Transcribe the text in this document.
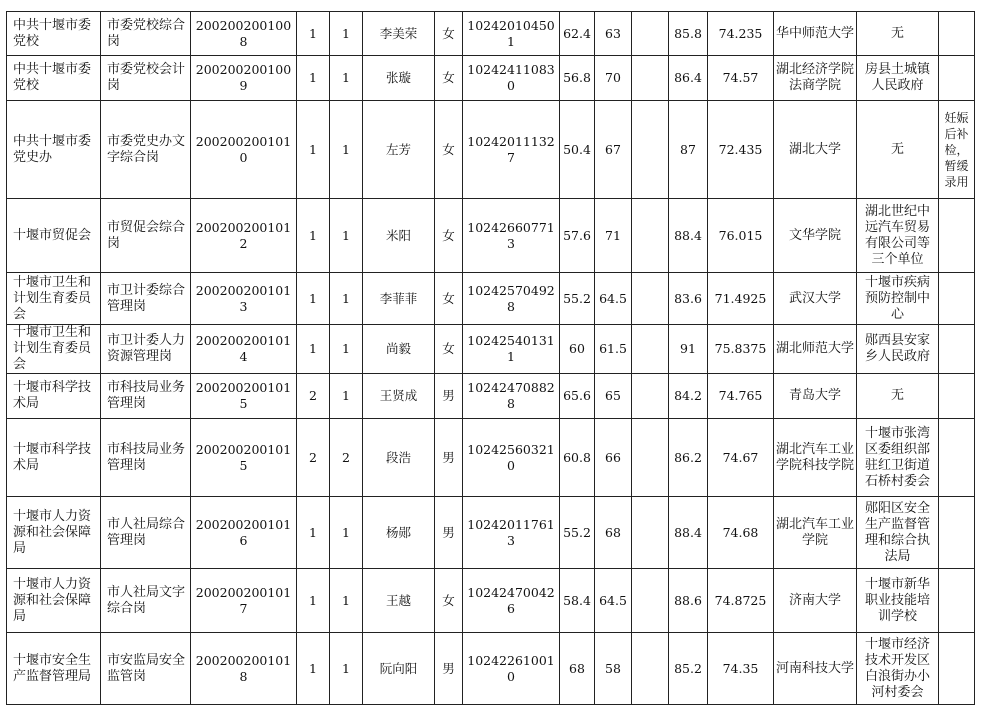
中共十堰市委党校	市委党校综合岗	2002002001008	1	1	李美荣	女	102420104501	62.4	63		85.8	74.235	华中师范大学	无	
中共十堰市委党校	市委党校会计岗	2002002001009	1	1	张璇	女	102424110830	56.8	70		86.4	74.57	湖北经济学院法商学院	房县土城镇人民政府	
中共十堰市委党史办	市委党史办文字综合岗	2002002001010	1	1	左芳	女	102420111327	50.4	67		87	72.435	湖北大学	无	妊娠后补检，暂缓录用
十堰市贸促会	市贸促会综合岗	2002002001012	1	1	米阳	女	102426607713	57.6	71		88.4	76.015	文华学院	湖北世纪中远汽车贸易有限公司等三个单位	
十堰市卫生和计划生育委员会	市卫计委综合管理岗	2002002001013	1	1	李菲菲	女	102425704928	55.2	64.5		83.6	71.4925	武汉大学	十堰市疾病预防控制中心	
十堰市卫生和计划生育委员会	市卫计委人力资源管理岗	2002002001014	1	1	尚毅	女	102425401311	60	61.5		91	75.8375	湖北师范大学	郧西县安家乡人民政府	
十堰市科学技术局	市科技局业务管理岗	2002002001015	2	1	王贤成	男	102424708828	65.6	65		84.2	74.765	青岛大学	无	
十堰市科学技术局	市科技局业务管理岗	2002002001015	2	2	段浩	男	102425603210	60.8	66		86.2	74.67	湖北汽车工业学院科技学院	十堰市张湾区委组织部驻红卫街道石桥村委会	
十堰市人力资源和社会保障局	市人社局综合管理岗	2002002001016	1	1	杨郧	男	102420117613	55.2	68		88.4	74.68	湖北汽车工业学院	郧阳区安全生产监督管理和综合执法局	
十堰市人力资源和社会保障局	市人社局文字综合岗	2002002001017	1	1	王越	女	102424700426	58.4	64.5		88.6	74.8725	济南大学	十堰市新华职业技能培训学校	
十堰市安全生产监督管理局	市安监局安全监管岗	2002002001018	1	1	阮向阳	男	102422610010	68	58		85.2	74.35	河南科技大学	十堰市经济技术开发区白浪街办小河村委会	
